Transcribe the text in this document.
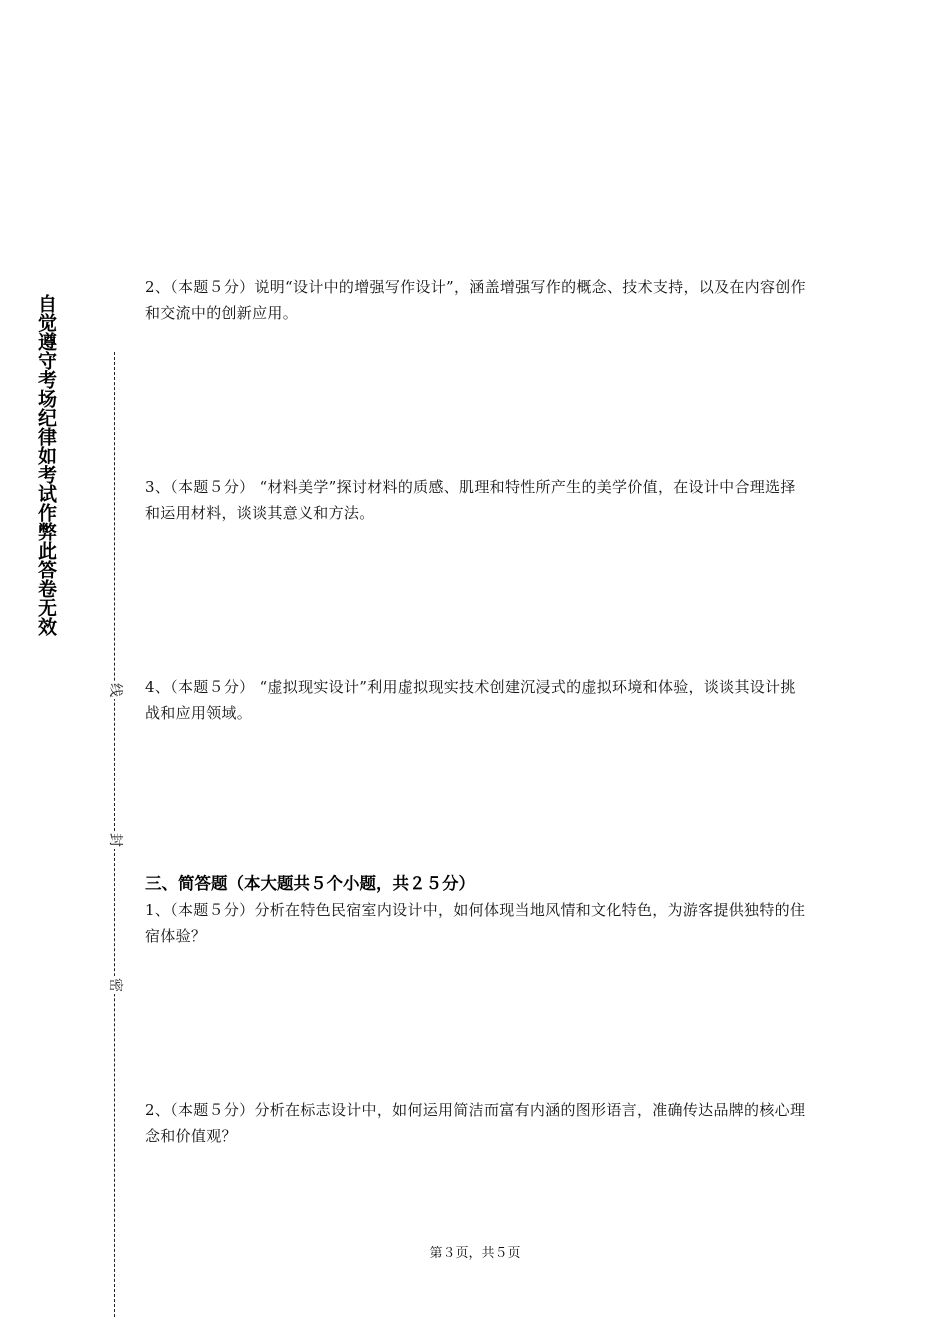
自觉遵守考场纪律如考试作弊此答卷无效
线
封
密

2、（本题５分）说明“设计中的增强写作设计”，涵盖增强写作的概念、技术支持，以及在内容创作和交流中的创新应用。

3、（本题５分） “材料美学”探讨材料的质感、肌理和特性所产生的美学价值，在设计中合理选择和运用材料，谈谈其意义和方法。

4、（本题５分） “虚拟现实设计”利用虚拟现实技术创建沉浸式的虚拟环境和体验，谈谈其设计挑战和应用领域。

三、简答题（本大题共５个小题，共２５分）

1、（本题５分）分析在特色民宿室内设计中，如何体现当地风情和文化特色，为游客提供独特的住宿体验？

2、（本题５分）分析在标志设计中，如何运用简洁而富有内涵的图形语言，准确传达品牌的核心理念和价值观？

第３页，共５页
